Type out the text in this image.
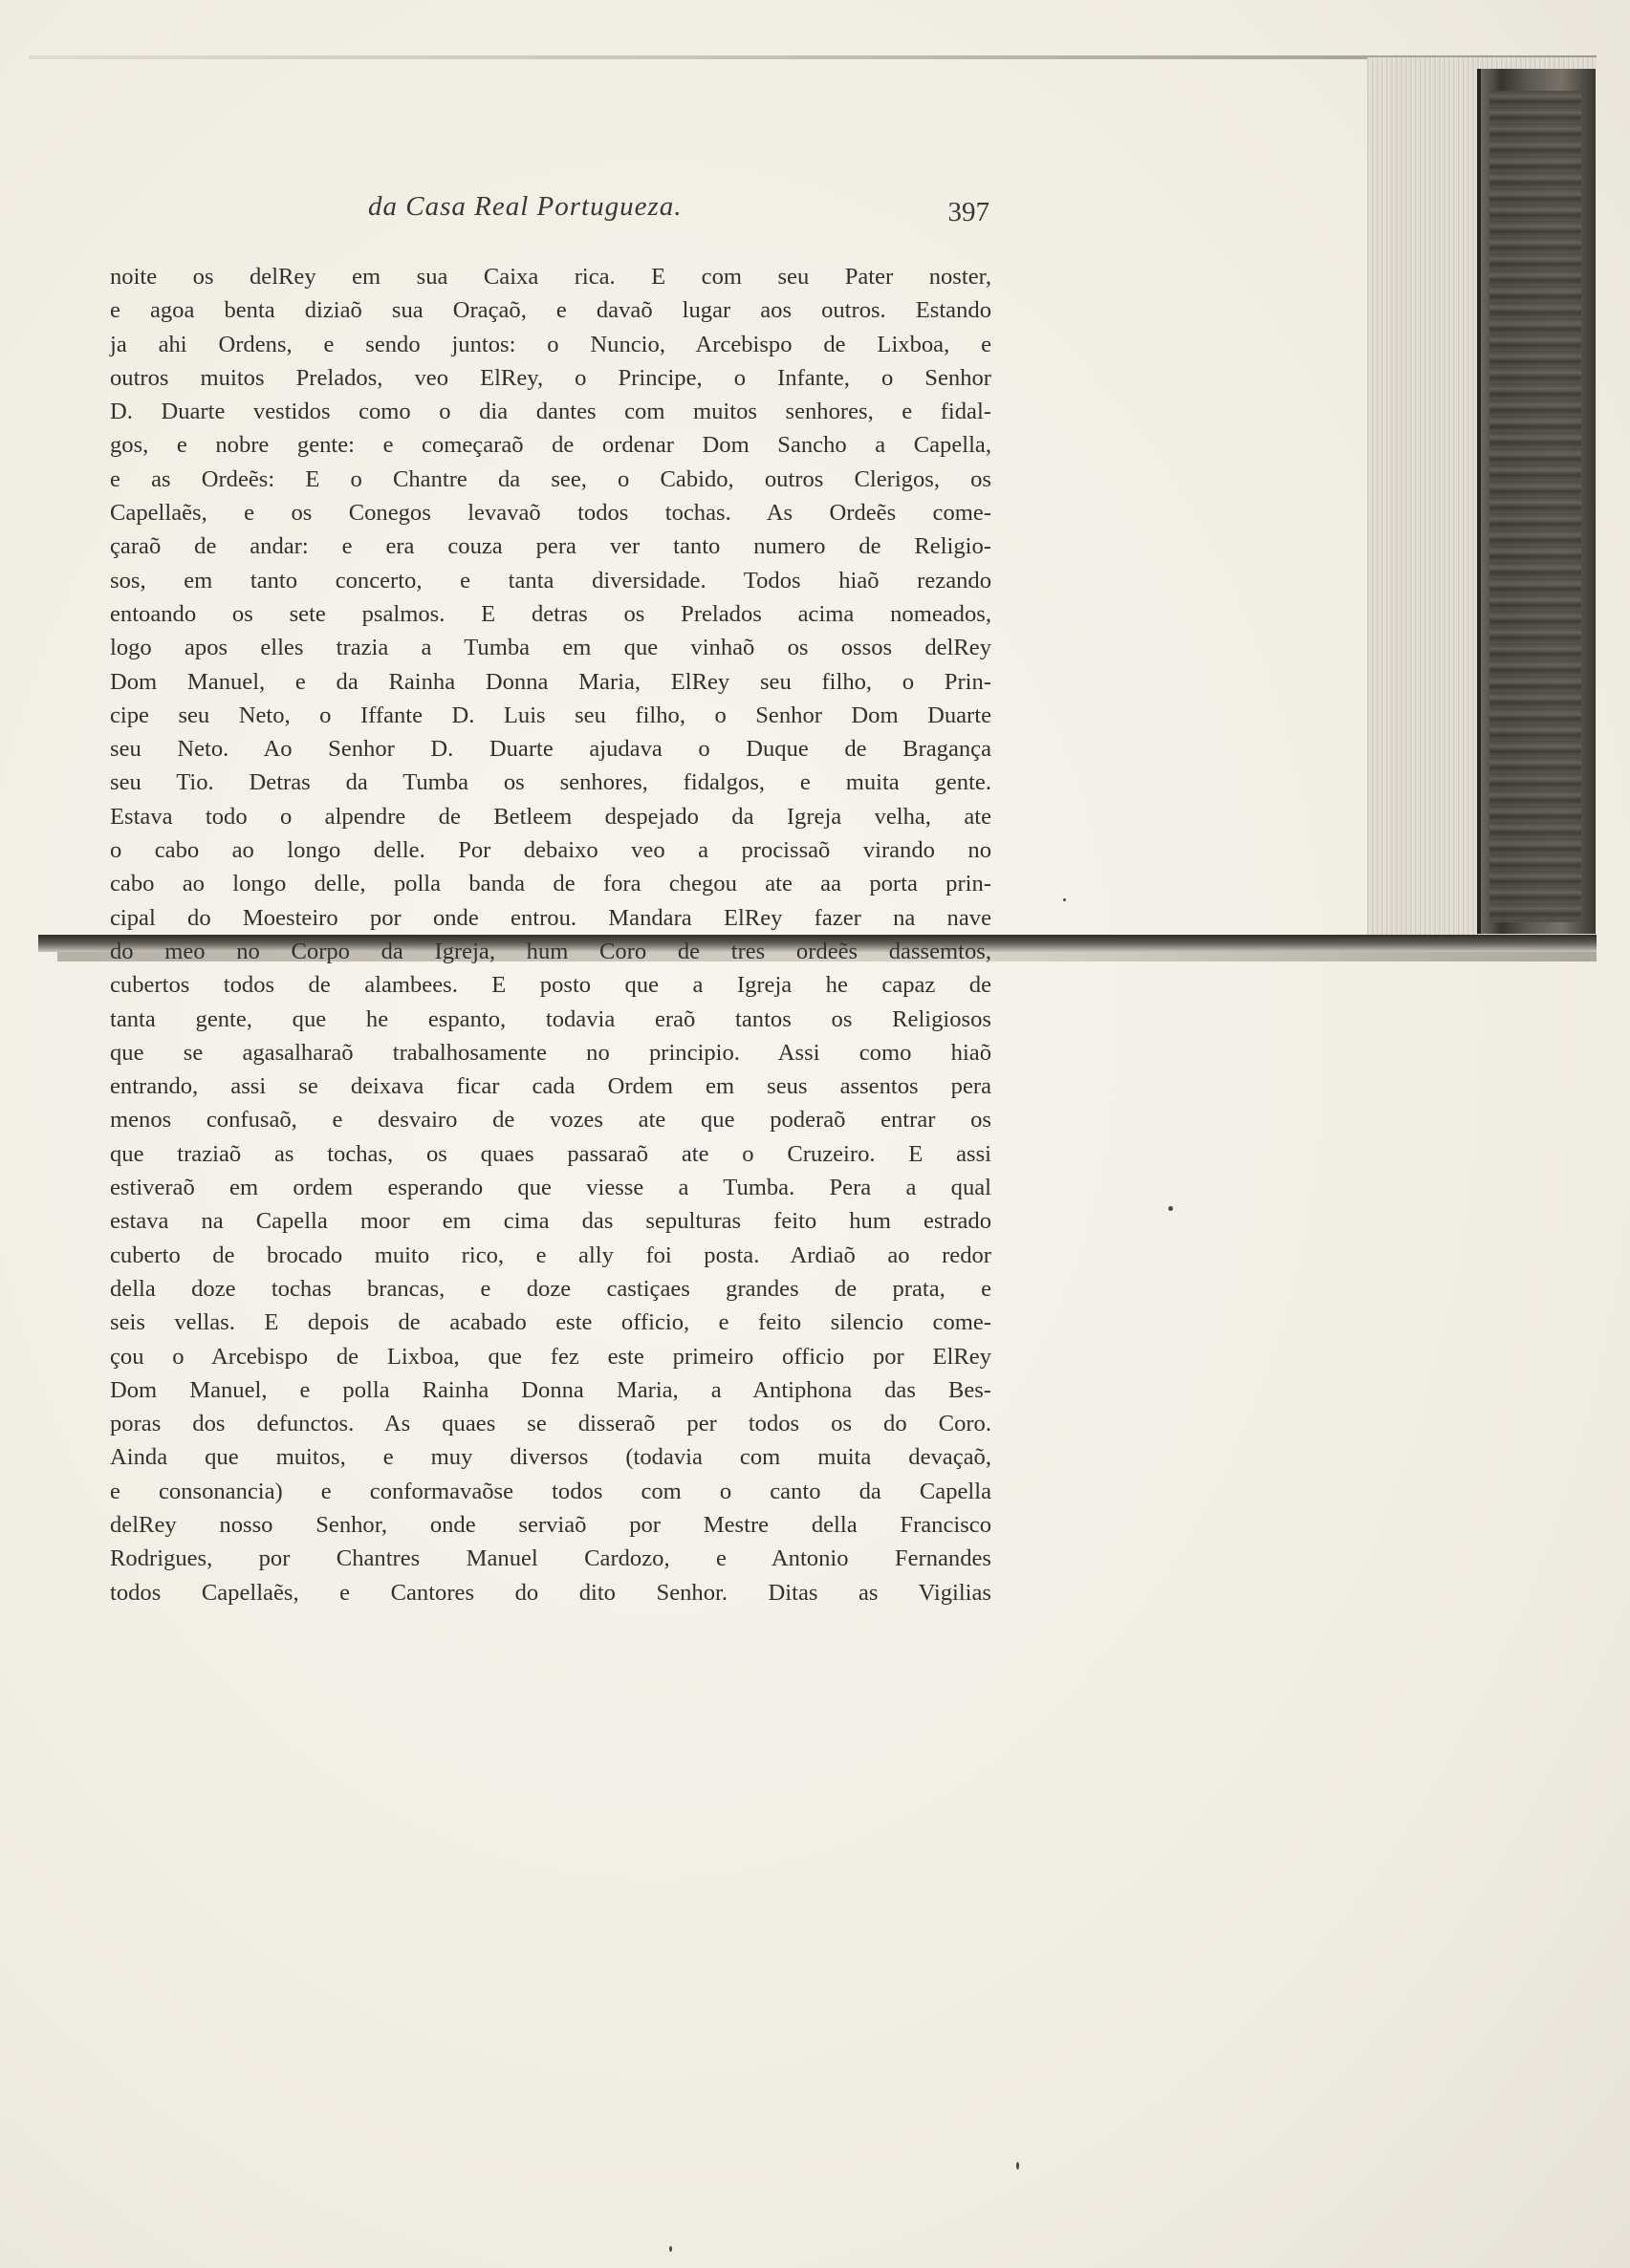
da Casa Real Portugueza.	397
noite os delRey em sua Caixa rica. E com seu Pater noster,
e agoa benta diziaõ sua Oraçaõ, e davaõ lugar aos outros. Estando
ja ahi Ordens, e sendo juntos: o Nuncio, Arcebispo de Lixboa, e
outros muitos Prelados, veo ElRey, o Principe, o Infante, o Senhor
D. Duarte vestidos como o dia dantes com muitos senhores, e fidal-
gos, e nobre gente: e começaraõ de ordenar Dom Sancho a Capella,
e as Ordeẽs: E o Chantre da see, o Cabido, outros Clerigos, os
Capellaẽs, e os Conegos levavaõ todos tochas. As Ordeẽs come-
çaraõ de andar: e era couza pera ver tanto numero de Religio-
sos, em tanto concerto, e tanta diversidade. Todos hiaõ rezando
entoando os sete psalmos. E detras os Prelados acima nomeados,
logo apos elles trazia a Tumba em que vinhaõ os ossos delRey
Dom Manuel, e da Rainha Donna Maria, ElRey seu filho, o Prin-
cipe seu Neto, o Iffante D. Luis seu filho, o Senhor Dom Duarte
seu Neto. Ao Senhor D. Duarte ajudava o Duque de Bragança
seu Tio. Detras da Tumba os senhores, fidalgos, e muita gente.
Estava todo o alpendre de Betleem despejado da Igreja velha, ate
o cabo ao longo delle. Por debaixo veo a procissaõ virando no
cabo ao longo delle, polla banda de fora chegou ate aa porta prin-
cipal do Moesteiro por onde entrou. Mandara ElRey fazer na nave
do meo no Corpo da Igreja, hum Coro de tres ordeẽs dassemtos,
cubertos todos de alambees. E posto que a Igreja he capaz de
tanta gente, que he espanto, todavia eraõ tantos os Religiosos
que se agasalharaõ trabalhosamente no principio. Assi como hiaõ
entrando, assi se deixava ficar cada Ordem em seus assentos pera
menos confusaõ, e desvairo de vozes ate que poderaõ entrar os
que traziaõ as tochas, os quaes passaraõ ate o Cruzeiro. E assi
estiveraõ em ordem esperando que viesse a Tumba. Pera a qual
estava na Capella moor em cima das sepulturas feito hum estrado
cuberto de brocado muito rico, e ally foi posta. Ardiaõ ao redor
della doze tochas brancas, e doze castiçaes grandes de prata, e
seis vellas. E depois de acabado este officio, e feito silencio come-
çou o Arcebispo de Lixboa, que fez este primeiro officio por ElRey
Dom Manuel, e polla Rainha Donna Maria, a Antiphona das Bes-
poras dos defunctos. As quaes se disseraõ per todos os do Coro.
Ainda que muitos, e muy diversos (todavia com muita devaçaõ,
e consonancia) e conformavaõse todos com o canto da Capella
delRey nosso Senhor, onde serviaõ por Mestre della Francisco
Rodrigues, por Chantres Manuel Cardozo, e Antonio Fernandes
todos Capellaẽs, e Cantores do dito Senhor. Ditas as Vigilias
